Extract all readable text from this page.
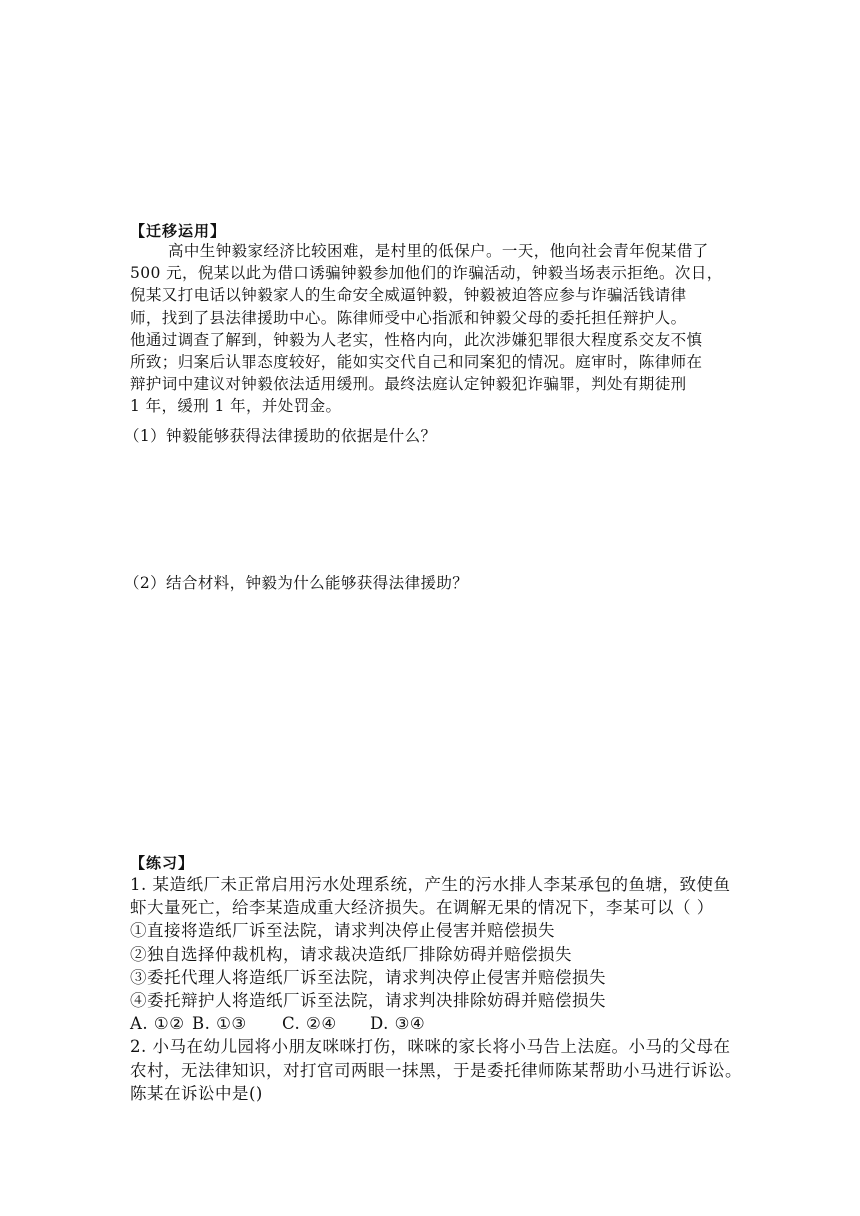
【迁移运用】
高中生钟毅家经济比较困难，是村里的低保户。一天，他向社会青年倪某借了
500 元，倪某以此为借口诱骗钟毅参加他们的诈骗活动，钟毅当场表示拒绝。次日，
倪某又打电话以钟毅家人的生命安全威逼钟毅，钟毅被迫答应参与诈骗活钱请律
师，找到了县法律援助中心。陈律师受中心指派和钟毅父母的委托担任辩护人。
他通过调查了解到，钟毅为人老实，性格内向，此次涉嫌犯罪很大程度系交友不慎
所致；归案后认罪态度较好，能如实交代自己和同案犯的情况。庭审时，陈律师在
辩护词中建议对钟毅依法适用缓刑。最终法庭认定钟毅犯诈骗罪，判处有期徒刑
1 年，缓刑 1 年，并处罚金。
（1）钟毅能够获得法律援助的依据是什么？
（2）结合材料，钟毅为什么能够获得法律援助？
【练习】
1. 某造纸厂未正常启用污水处理系统，产生的污水排人李某承包的鱼塘，致使鱼
虾大量死亡，给李某造成重大经济损失。在调解无果的情况下，李某可以（ ）
①直接将造纸厂诉至法院，请求判决停止侵害并赔偿损失
②独自选择仲裁机构，请求裁决造纸厂排除妨碍并赔偿损失
③委托代理人将造纸厂诉至法院，请求判决停止侵害并赔偿损失
④委托辩护人将造纸厂诉至法院，请求判决排除妨碍并赔偿损失
A. ①② B. ①③ C. ②④ D. ③④
2. 小马在幼儿园将小朋友咪咪打伤，咪咪的家长将小马告上法庭。小马的父母在
农村，无法律知识，对打官司两眼一抹黑，于是委托律师陈某帮助小马进行诉讼。
陈某在诉讼中是()
